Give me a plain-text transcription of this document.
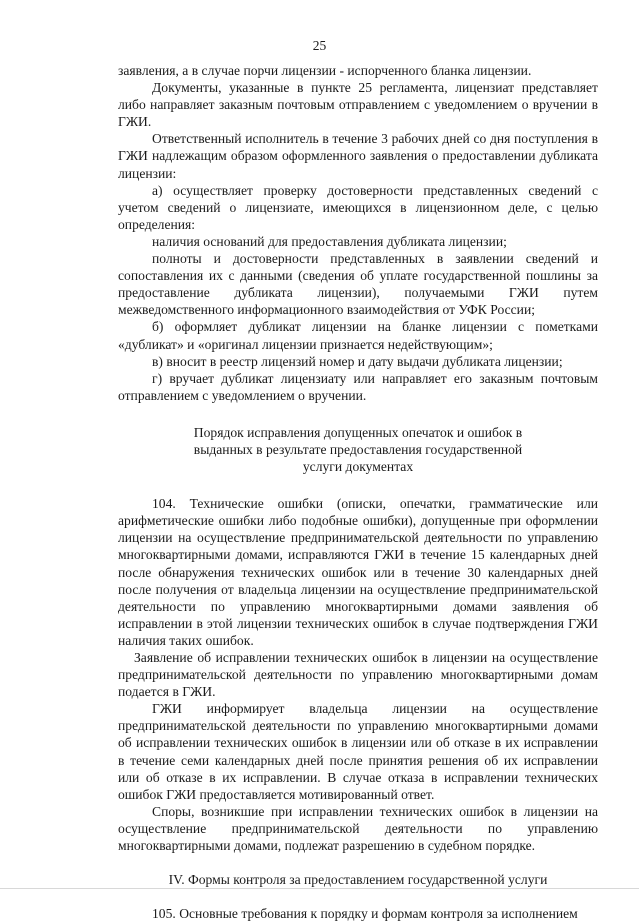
25

заявления, а в случае порчи лицензии - испорченного бланка лицензии.

Документы, указанные в пункте 25 регламента, лицензиат представляет либо направляет заказным почтовым отправлением с уведомлением о вручении в ГЖИ.

Ответственный исполнитель в течение 3 рабочих дней со дня поступления в ГЖИ надлежащим образом оформленного заявления о предоставлении дубликата лицензии:

а) осуществляет проверку достоверности представленных сведений с учетом сведений о лицензиате, имеющихся в лицензионном деле, с целью определения:

наличия оснований для предоставления дубликата лицензии;

полноты и достоверности представленных в заявлении сведений и сопоставления их с данными (сведения об уплате государственной пошлины за предоставление дубликата лицензии), получаемыми ГЖИ путем межведомственного информационного взаимодействия от УФК России;

б) оформляет дубликат лицензии на бланке лицензии с пометками «дубликат» и «оригинал лицензии признается недействующим»;

в) вносит в реестр лицензий номер и дату выдачи дубликата лицензии;

г) вручает дубликат лицензиату или направляет его заказным почтовым отправлением с уведомлением о вручении.

Порядок исправления допущенных опечаток и ошибок в выданных в результате предоставления государственной услуги документах

104. Технические ошибки (описки, опечатки, грамматические или арифметические ошибки либо подобные ошибки), допущенные при оформлении лицензии на осуществление предпринимательской деятельности по управлению многоквартирными домами, исправляются ГЖИ в течение 15 календарных дней после обнаружения технических ошибок или в течение 30 календарных дней после получения от владельца лицензии на осуществление предпринимательской деятельности по управлению многоквартирными домами заявления об исправлении в этой лицензии технических ошибок в случае подтверждения ГЖИ наличия таких ошибок.

Заявление об исправлении технических ошибок в лицензии на осуществление предпринимательской деятельности по управлению многоквартирными домам подается в ГЖИ.

ГЖИ информирует владельца лицензии на осуществление предпринимательской деятельности по управлению многоквартирными домами об исправлении технических ошибок в лицензии или об отказе в их исправлении в течение семи календарных дней после принятия решения об их исправлении или об отказе в их исправлении. В случае отказа в исправлении технических ошибок ГЖИ предоставляется мотивированный ответ.

Споры, возникшие при исправлении технических ошибок в лицензии на осуществление предпринимательской деятельности по управлению многоквартирными домами, подлежат разрешению в судебном порядке.

IV. Формы контроля за предоставлением государственной услуги

105. Основные требования к порядку и формам контроля за исполнением
